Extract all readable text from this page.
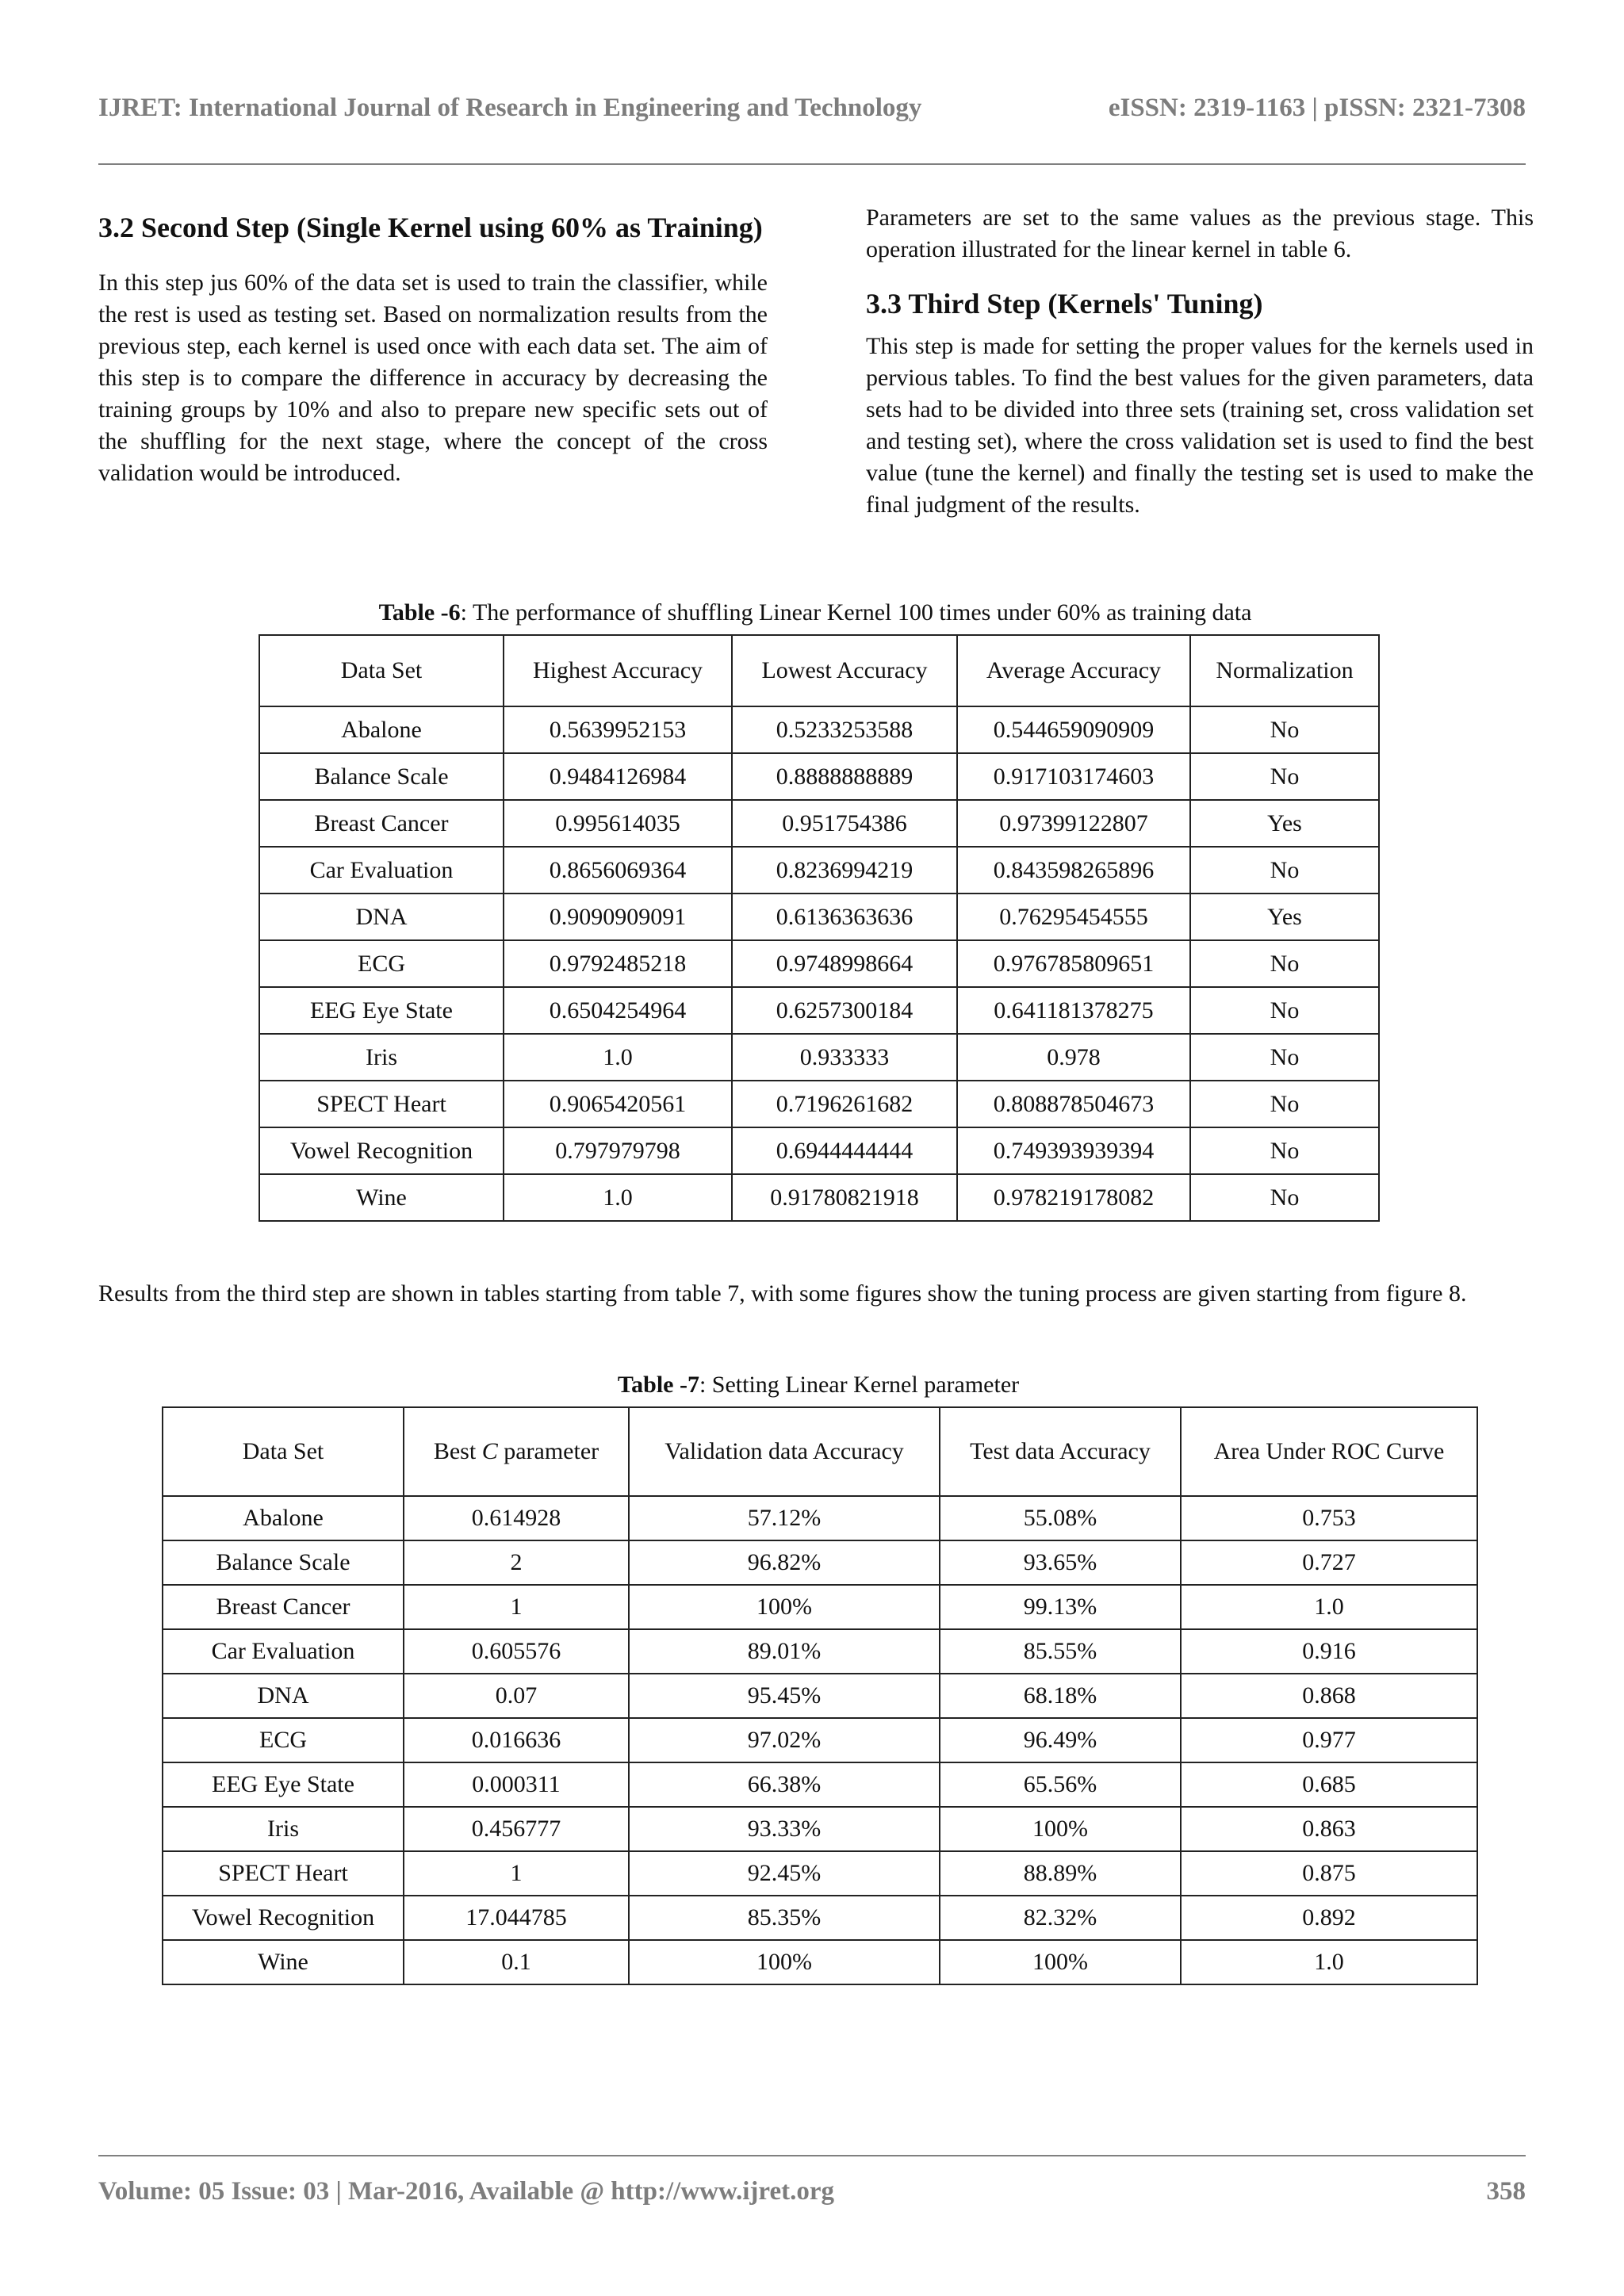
IJRET: International Journal of Research in Engineering and Technology	eISSN: 2319-1163 | pISSN: 2321-7308
3.2 Second Step (Single Kernel using 60% as Training)

In this step jus 60% of the data set is used to train the classifier, while the rest is used as testing set. Based on normalization results from the previous step, each kernel is used once with each data set. The aim of this step is to compare the difference in accuracy by decreasing the training groups by 10% and also to prepare new specific sets out of the shuffling for the next stage, where the concept of the cross validation would be introduced.

Parameters are set to the same values as the previous stage. This operation illustrated for the linear kernel in table 6.

3.3 Third Step (Kernels' Tuning)

This step is made for setting the proper values for the kernels used in pervious tables. To find the best values for the given parameters, data sets had to be divided into three sets (training set, cross validation set and testing set), where the cross validation set is used to find the best value (tune the kernel) and finally the testing set is used to make the final judgment of the results.

Table -6: The performance of shuffling Linear Kernel 100 times under 60% as training data
Data Set	Highest Accuracy	Lowest Accuracy	Average Accuracy	Normalization
Abalone	0.5639952153	0.5233253588	0.544659090909	No
Balance Scale	0.9484126984	0.8888888889	0.917103174603	No
Breast Cancer	0.995614035	0.951754386	0.97399122807	Yes
Car Evaluation	0.8656069364	0.8236994219	0.843598265896	No
DNA	0.9090909091	0.6136363636	0.76295454555	Yes
ECG	0.9792485218	0.9748998664	0.976785809651	No
EEG Eye State	0.6504254964	0.6257300184	0.641181378275	No
Iris	1.0	0.933333	0.978	No
SPECT Heart	0.9065420561	0.7196261682	0.808878504673	No
Vowel Recognition	0.797979798	0.6944444444	0.749393939394	No
Wine	1.0	0.91780821918	0.978219178082	No
Results from the third step are shown in tables starting from table 7, with some figures show the tuning process are given starting from figure 8.
Table -7: Setting Linear Kernel parameter
Data Set	Best C parameter	Validation data Accuracy	Test data Accuracy	Area Under ROC Curve
Abalone	0.614928	57.12%	55.08%	0.753
Balance Scale	2	96.82%	93.65%	0.727
Breast Cancer	1	100%	99.13%	1.0
Car Evaluation	0.605576	89.01%	85.55%	0.916
DNA	0.07	95.45%	68.18%	0.868
ECG	0.016636	97.02%	96.49%	0.977
EEG Eye State	0.000311	66.38%	65.56%	0.685
Iris	0.456777	93.33%	100%	0.863
SPECT Heart	1	92.45%	88.89%	0.875
Vowel Recognition	17.044785	85.35%	82.32%	0.892
Wine	0.1	100%	100%	1.0
Volume: 05 Issue: 03 | Mar-2016, Available @ http://www.ijret.org	358
